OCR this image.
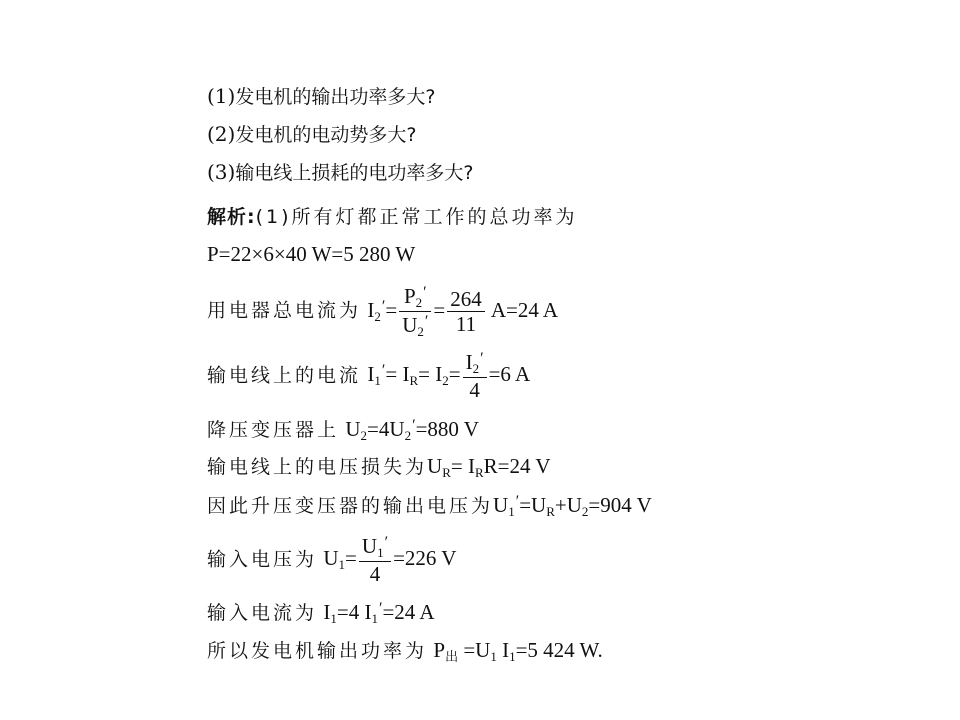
(1)发电机的输出功率多大?
(2)发电机的电动势多大?
(3)输电线上损耗的电功率多大?
解析:(1)所有灯都正常工作的总功率为
P=22×6×40 W=5 280 W
用电器总电流为 $I_2'= \frac{P_2'}{U_2'} = \frac{264}{11} A=24$ A
输电线上的电流 $I_1'= I_R= I_2= \frac{I_2'}{4} =6$ A
降压变压器上 $U_2=4U_2'=880$ V
输电线上的电压损失为$U_R= I_RR=24$ V
因此升压变压器的输出电压为$U_1'=U_R+U_2=904$ V
输入电压为 $U_1= \frac{U_1'}{4} =226$ V
输入电流为 $I_1=4$ $I_1'=24$ A
所以发电机输出功率为 $P_出 =U_1$ $I_1=5$ 424 W.
